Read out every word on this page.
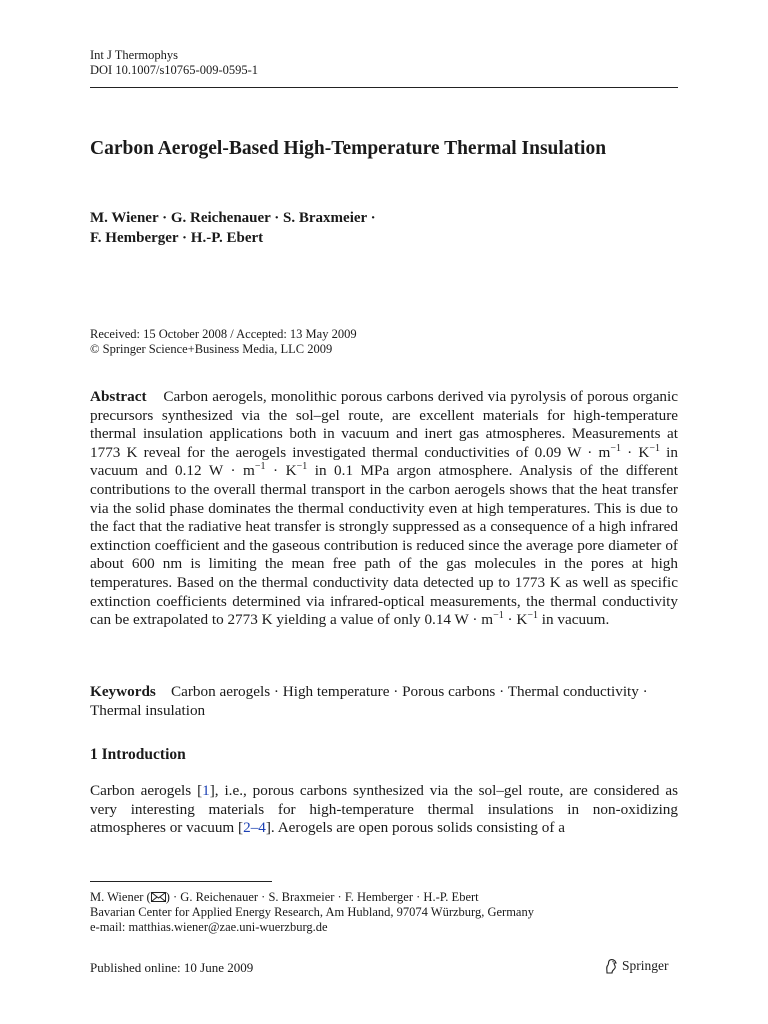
Int J Thermophys
DOI 10.1007/s10765-009-0595-1
Carbon Aerogel-Based High-Temperature Thermal Insulation
M. Wiener · G. Reichenauer · S. Braxmeier ·
F. Hemberger · H.-P. Ebert
Received: 15 October 2008 / Accepted: 13 May 2009
© Springer Science+Business Media, LLC 2009
Abstract Carbon aerogels, monolithic porous carbons derived via pyrolysis of porous organic precursors synthesized via the sol–gel route, are excellent materials for high-temperature thermal insulation applications both in vacuum and inert gas atmospheres. Measurements at 1773 K reveal for the aerogels investigated thermal conductivities of 0.09 $W \cdot m^{-1} \cdot K^{-1}$ in vacuum and 0.12 $W \cdot m^{-1} \cdot K^{-1}$ in 0.1 MPa argon atmosphere. Analysis of the different contributions to the overall thermal transport in the carbon aerogels shows that the heat transfer via the solid phase dominates the thermal conductivity even at high temperatures. This is due to the fact that the radiative heat transfer is strongly suppressed as a consequence of a high infrared extinction coefficient and the gaseous contribution is reduced since the average pore diameter of about 600 nm is limiting the mean free path of the gas molecules in the pores at high temperatures. Based on the thermal conductivity data detected up to 1773 K as well as specific extinction coefficients determined via infrared-optical measurements, the thermal conductivity can be extrapolated to 2773 K yielding a value of only 0.14 $W \cdot m^{-1} \cdot K^{-1}$ in vacuum.
Keywords Carbon aerogels · High temperature · Porous carbons · Thermal conductivity · Thermal insulation
1 Introduction
Carbon aerogels [1], i.e., porous carbons synthesized via the sol–gel route, are considered as very interesting materials for high-temperature thermal insulations in non-oxidizing atmospheres or vacuum [2–4]. Aerogels are open porous solids consisting of a
M. Wiener ( ) · G. Reichenauer · S. Braxmeier · F. Hemberger · H.-P. Ebert
Bavarian Center for Applied Energy Research, Am Hubland, 97074 Würzburg, Germany
e-mail: matthias.wiener@zae.uni-wuerzburg.de
Published online: 10 June 2009	Springer
